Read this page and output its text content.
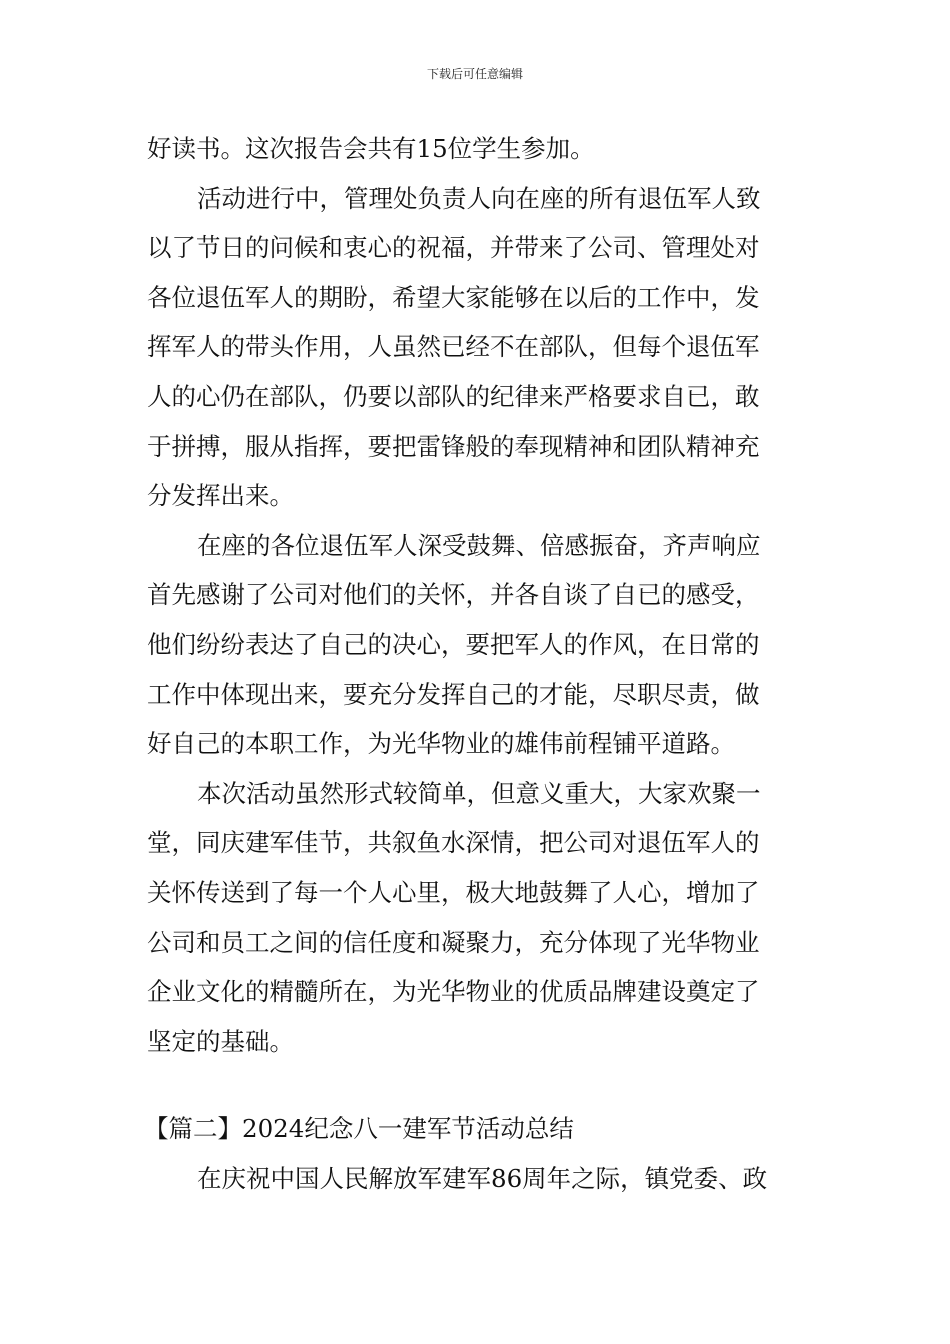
下载后可任意编辑
好读书。这次报告会共有15位学生参加。
活动进行中，管理处负责人向在座的所有退伍军人致
以了节日的问候和衷心的祝福，并带来了公司、管理处对
各位退伍军人的期盼，希望大家能够在以后的工作中，发
挥军人的带头作用，人虽然已经不在部队，但每个退伍军
人的心仍在部队，仍要以部队的纪律来严格要求自已，敢
于拼搏，服从指挥，要把雷锋般的奉现精神和团队精神充
分发挥出来。
在座的各位退伍军人深受鼓舞、倍感振奋，齐声响应
首先感谢了公司对他们的关怀，并各自谈了自已的感受，
他们纷纷表达了自己的决心，要把军人的作风，在日常的
工作中体现出来，要充分发挥自己的才能，尽职尽责，做
好自己的本职工作，为光华物业的雄伟前程铺平道路。
本次活动虽然形式较简单，但意义重大，大家欢聚一
堂，同庆建军佳节，共叙鱼水深情，把公司对退伍军人的
关怀传送到了每一个人心里，极大地鼓舞了人心，增加了
公司和员工之间的信任度和凝聚力，充分体现了光华物业
企业文化的精髓所在，为光华物业的优质品牌建设奠定了
坚定的基础。
【篇二】2024纪念八一建军节活动总结
在庆祝中国人民解放军建军86周年之际，镇党委、政
